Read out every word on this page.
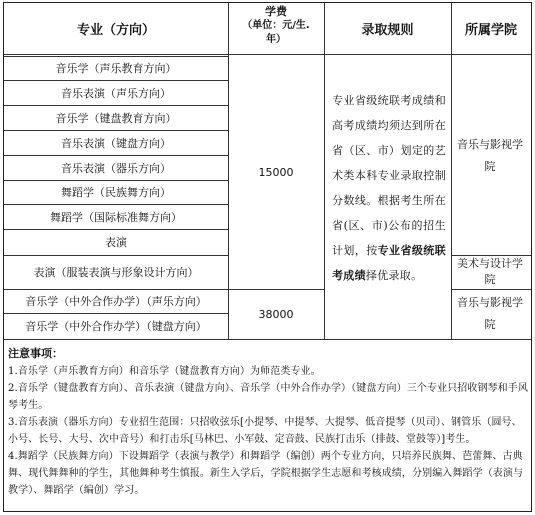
专业（方向）
学费
（单位：元/生.
年）
录取规则	所属学院
音乐学（声乐教育方向）
音乐表演（声乐方向）
音乐学（键盘教育方向）
音乐表演（键盘方向）
音乐表演（器乐方向）
舞蹈学（民族舞方向）
舞蹈学（国际标准舞方向）
表演
表演（服装表演与形象设计方向）
音乐学（中外合作办学）（声乐方向）
音乐学（中外合作办学）（键盘方向）
15000
38000
专业省级统联考成绩和高考成绩均须达到所在省（区、市）划定的艺术类本科专业录取控制分数线。根据考生所在省(区、市)公布的招生计划，按专业省级统联考成绩择优录取。
音乐与影视学院
美术与设计学院
音乐与影视学院
注意事项：
1.音乐学（声乐教育方向）和音乐学（键盘教育方向）为师范类专业。
2.音乐学（键盘教育方向）、音乐表演（键盘方向）、音乐学（中外合作办学）（键盘方向）三个专业只招收钢琴和手风琴考生。
3.音乐表演（器乐方向）专业招生范围：只招收弦乐[小提琴、中提琴、大提琴、低音提琴（贝司）、钢管乐（圆号、小号、长号、大号、次中音号）和打击乐[马林巴、小军鼓、定音鼓、民族打击乐（排鼓、堂鼓等）]考生。
4.舞蹈学（民族舞方向）下设舞蹈学（表演与教学）和舞蹈学（编创）两个专业方向，只培养民族舞、芭蕾舞、古典舞、现代舞舞种的学生，其他舞种考生慎报。新生入学后，学院根据学生志愿和考核成绩，分别编入舞蹈学（表演与教学）、舞蹈学（编创）学习。
